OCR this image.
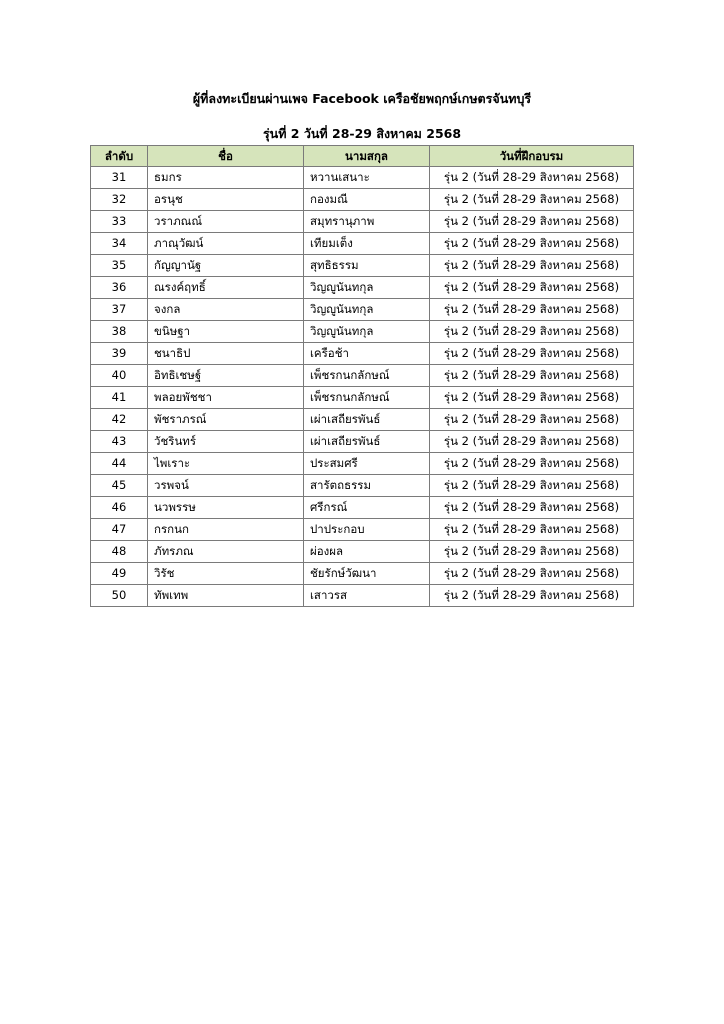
ผู้ที่ลงทะเบียนผ่านเพจ Facebook เครือชัยพฤกษ์เกษตรจันทบุรี
รุ่นที่ 2 วันที่ 28-29 สิงหาคม 2568
ลำดับ	ชื่อ	นามสกุล	วันที่ฝึกอบรม
31	ธมกร	หวานเสนาะ	รุ่น 2 (วันที่ 28-29 สิงหาคม 2568)
32	อรนุช	กองมณี	รุ่น 2 (วันที่ 28-29 สิงหาคม 2568)
33	วราภณณ์	สมุทรานุภาพ	รุ่น 2 (วันที่ 28-29 สิงหาคม 2568)
34	ภาณุวัฒน์	เทียมเต็ง	รุ่น 2 (วันที่ 28-29 สิงหาคม 2568)
35	กัญญานัฐ	สุทธิธรรม	รุ่น 2 (วันที่ 28-29 สิงหาคม 2568)
36	ณรงค์ฤทธิ์	วิญญูนันทกุล	รุ่น 2 (วันที่ 28-29 สิงหาคม 2568)
37	จงกล	วิญญูนันทกุล	รุ่น 2 (วันที่ 28-29 สิงหาคม 2568)
38	ขนิษฐา	วิญญูนันทกุล	รุ่น 2 (วันที่ 28-29 สิงหาคม 2568)
39	ชนาธิป	เครือช้า	รุ่น 2 (วันที่ 28-29 สิงหาคม 2568)
40	อิทธิเชษฐ์	เพ็ชรกนกลักษณ์	รุ่น 2 (วันที่ 28-29 สิงหาคม 2568)
41	พลอยพัชชา	เพ็ชรกนกลักษณ์	รุ่น 2 (วันที่ 28-29 สิงหาคม 2568)
42	พัชราภรณ์	เผ่าเสถียรพันธ์	รุ่น 2 (วันที่ 28-29 สิงหาคม 2568)
43	วัชรินทร์	เผ่าเสถียรพันธ์	รุ่น 2 (วันที่ 28-29 สิงหาคม 2568)
44	ไพเราะ	ประสมศรี	รุ่น 2 (วันที่ 28-29 สิงหาคม 2568)
45	วรพจน์	สารัตถธรรม	รุ่น 2 (วันที่ 28-29 สิงหาคม 2568)
46	นวพรรษ	ศรีกรณ์	รุ่น 2 (วันที่ 28-29 สิงหาคม 2568)
47	กรกนก	ปาประกอบ	รุ่น 2 (วันที่ 28-29 สิงหาคม 2568)
48	ภัทรภณ	ผ่องผล	รุ่น 2 (วันที่ 28-29 สิงหาคม 2568)
49	วิรัช	ชัยรักษ์วัฒนา	รุ่น 2 (วันที่ 28-29 สิงหาคม 2568)
50	ทัพเทพ	เสาวรส	รุ่น 2 (วันที่ 28-29 สิงหาคม 2568)
